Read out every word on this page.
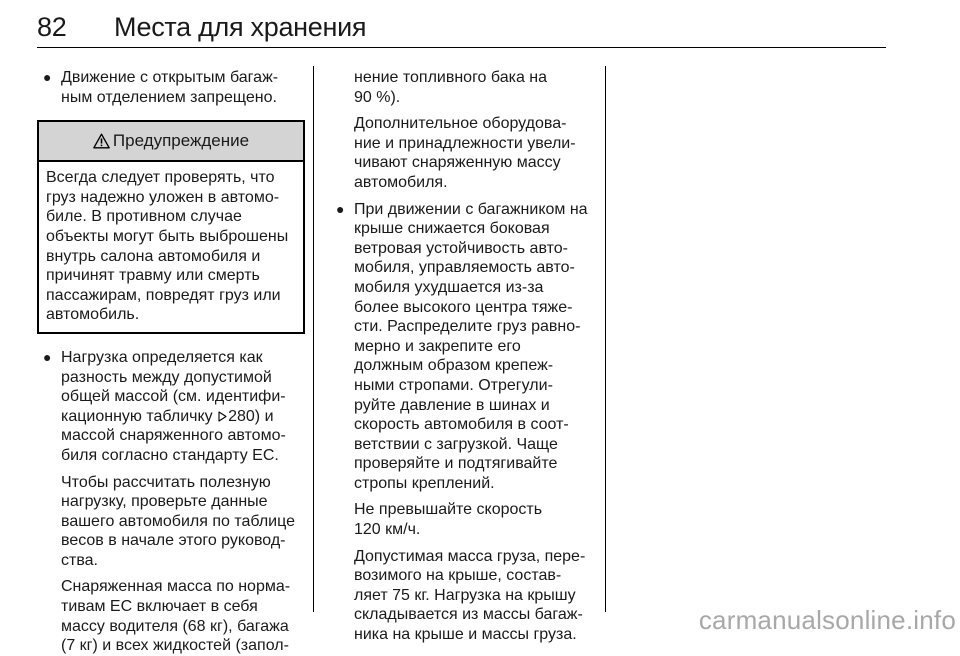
82 Места для хранения
● Движение с открытым багаж-
ным отделением запрещено.
Предупреждение
Всегда следует проверять, что
груз надежно уложен в автомо-
биле. В противном случае
объекты могут быть выброшены
внутрь салона автомобиля и
причинят травму или смерть
пассажирам, повредят груз или
автомобиль.
● Нагрузка определяется как
разность между допустимой
общей массой (см. идентифи-
кационную табличку 280) и
массой снаряженного автомо-
биля согласно стандарту ЕС.
Чтобы рассчитать полезную
нагрузку, проверьте данные
вашего автомобиля по таблице
весов в начале этого руковод-
ства.
Снаряженная масса по норма-
тивам ЕС включает в себя
массу водителя (68 кг), багажа
(7 кг) и всех жидкостей (запол-
нение топливного бака на
90 %).
Дополнительное оборудова-
ние и принадлежности увели-
чивают снаряженную массу
автомобиля.
● При движении с багажником на
крыше снижается боковая
ветровая устойчивость авто-
мобиля, управляемость авто-
мобиля ухудшается из-за
более высокого центра тяже-
сти. Распределите груз равно-
мерно и закрепите его
должным образом крепеж-
ными стропами. Отрегули-
руйте давление в шинах и
скорость автомобиля в соот-
ветствии с загрузкой. Чаще
проверяйте и подтягивайте
стропы креплений.
Не превышайте скорость
120 км/ч.
Допустимая масса груза, пере-
возимого на крыше, состав-
ляет 75 кг. Нагрузка на крышу
складывается из массы багаж-
ника на крыше и массы груза.	carmanualsonline.info
